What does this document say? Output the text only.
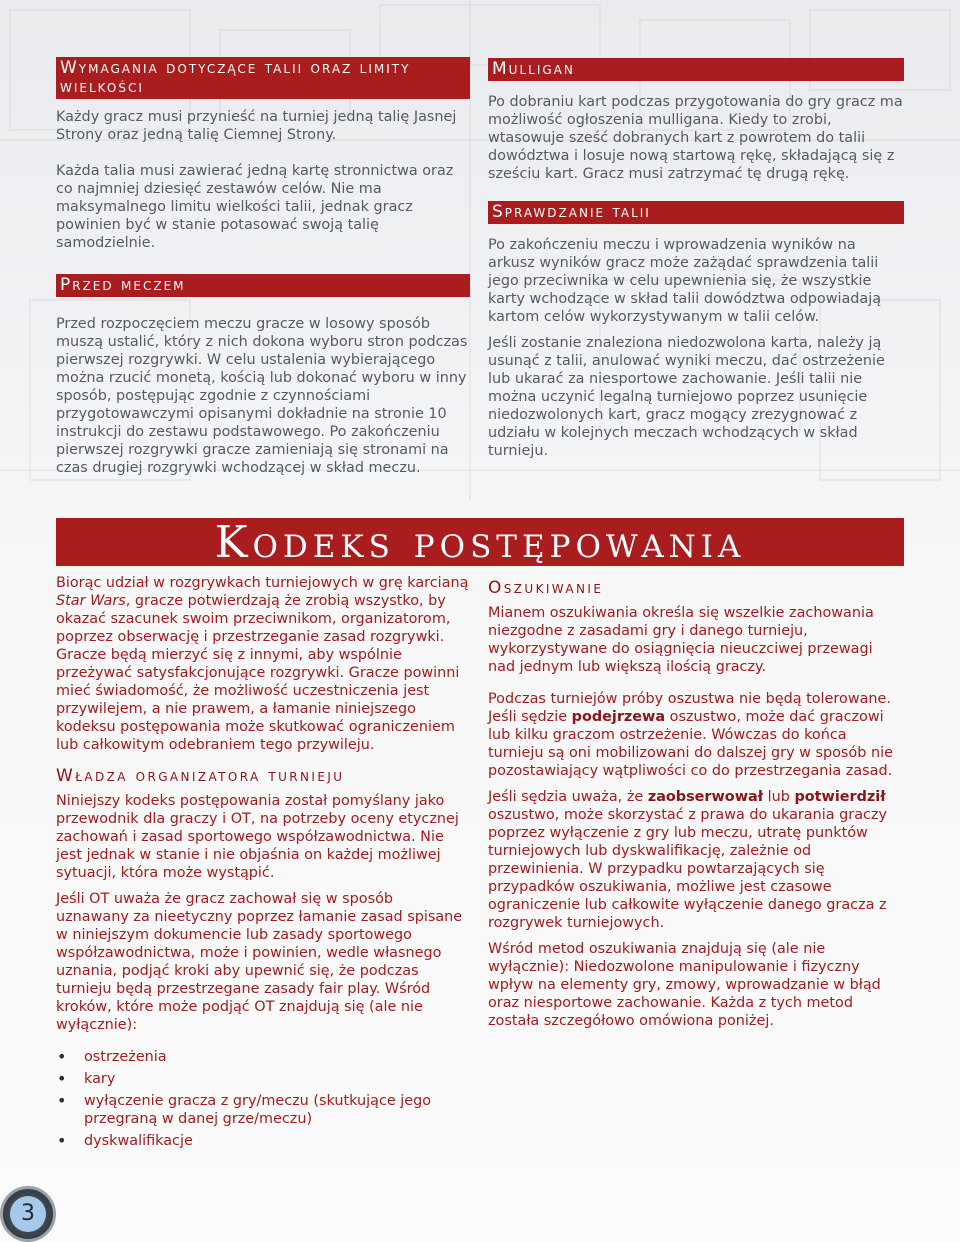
Wymagania dotyczące talii oraz limity wielkości

Każdy gracz musi przynieść na turniej jedną talię Jasnej Strony oraz jedną talię Ciemnej Strony.

Każda talia musi zawierać jedną kartę stronnictwa oraz co najmniej dziesięć zestawów celów. Nie ma maksymalnego limitu wielkości talii, jednak gracz powinien być w stanie potasować swoją talię samodzielnie.

Przed meczem

Przed rozpoczęciem meczu gracze w losowy sposób muszą ustalić, który z nich dokona wyboru stron podczas pierwszej rozgrywki. W celu ustalenia wybierającego można rzucić monetą, kością lub dokonać wyboru w inny sposób, postępując zgodnie z czynnościami przygotowawczymi opisanymi dokładnie na stronie 10 instrukcji do zestawu podstawowego. Po zakończeniu pierwszej rozgrywki gracze zamieniają się stronami na czas drugiej rozgrywki wchodzącej w skład meczu.

Mulligan

Po dobraniu kart podczas przygotowania do gry gracz ma możliwość ogłoszenia mulligana. Kiedy to zrobi, wtasowuje sześć dobranych kart z powrotem do talii dowództwa i losuje nową startową rękę, składającą się z sześciu kart. Gracz musi zatrzymać tę drugą rękę.

Sprawdzanie talii

Po zakończeniu meczu i wprowadzenia wyników na arkusz wyników gracz może zażądać sprawdzenia talii jego przeciwnika w celu upewnienia się, że wszystkie karty wchodzące w skład talii dowództwa odpowiadają kartom celów wykorzystywanym w talii celów.

Jeśli zostanie znaleziona niedozwolona karta, należy ją usunąć z talii, anulować wyniki meczu, dać ostrzeżenie lub ukarać za niesportowe zachowanie. Jeśli talii nie można uczynić legalną turniejowo poprzez usunięcie niedozwolonych kart, gracz mogący zrezygnować z udziału w kolejnych meczach wchodzących w skład turnieju.

Kodeks postępowania

Biorąc udział w rozgrywkach turniejowych w grę karcianą Star Wars, gracze potwierdzają że zrobią wszystko, by okazać szacunek swoim przeciwnikom, organizatorom, poprzez obserwację i przestrzeganie zasad rozgrywki. Gracze będą mierzyć się z innymi, aby wspólnie przeżywać satysfakcjonujące rozgrywki. Gracze powinni mieć świadomość, że możliwość uczestniczenia jest przywilejem, a nie prawem, a łamanie niniejszego kodeksu postępowania może skutkować ograniczeniem lub całkowitym odebraniem tego przywileju.

Władza organizatora turnieju

Niniejszy kodeks postępowania został pomyślany jako przewodnik dla graczy i OT, na potrzeby oceny etycznej zachowań i zasad sportowego współzawodnictwa. Nie jest jednak w stanie i nie objaśnia on każdej możliwej sytuacji, która może wystąpić.

Jeśli OT uważa że gracz zachował się w sposób uznawany za nieetyczny poprzez łamanie zasad spisane w niniejszym dokumencie lub zasady sportowego współzawodnictwa, może i powinien, wedle własnego uznania, podjąć kroki aby upewnić się, że podczas turnieju będą przestrzegane zasady fair play. Wśród kroków, które może podjąć OT znajdują się (ale nie wyłącznie):

• ostrzeżenia
• kary
• wyłączenie gracza z gry/meczu (skutkujące jego przegraną w danej grze/meczu)
• dyskwalifikacje
Oszukiwanie

Mianem oszukiwania określa się wszelkie zachowania niezgodne z zasadami gry i danego turnieju, wykorzystywane do osiągnięcia nieuczciwej przewagi nad jednym lub większą ilością graczy.

Podczas turniejów próby oszustwa nie będą tolerowane. Jeśli sędzie podejrzewa oszustwo, może dać graczowi lub kilku graczom ostrzeżenie. Wówczas do końca turnieju są oni mobilizowani do dalszej gry w sposób nie pozostawiający wątpliwości co do przestrzegania zasad.

Jeśli sędzia uważa, że zaobserwował lub potwierdził oszustwo, może skorzystać z prawa do ukarania graczy poprzez wyłączenie z gry lub meczu, utratę punktów turniejowych lub dyskwalifikację, zależnie od przewinienia. W przypadku powtarzających się przypadków oszukiwania, możliwe jest czasowe ograniczenie lub całkowite wyłączenie danego gracza z rozgrywek turniejowych.

Wśród metod oszukiwania znajdują się (ale nie wyłącznie): Niedozwolone manipulowanie i fizyczny wpływ na elementy gry, zmowy, wprowadzanie w błąd oraz niesportowe zachowanie. Każda z tych metod została szczegółowo omówiona poniżej.

3
